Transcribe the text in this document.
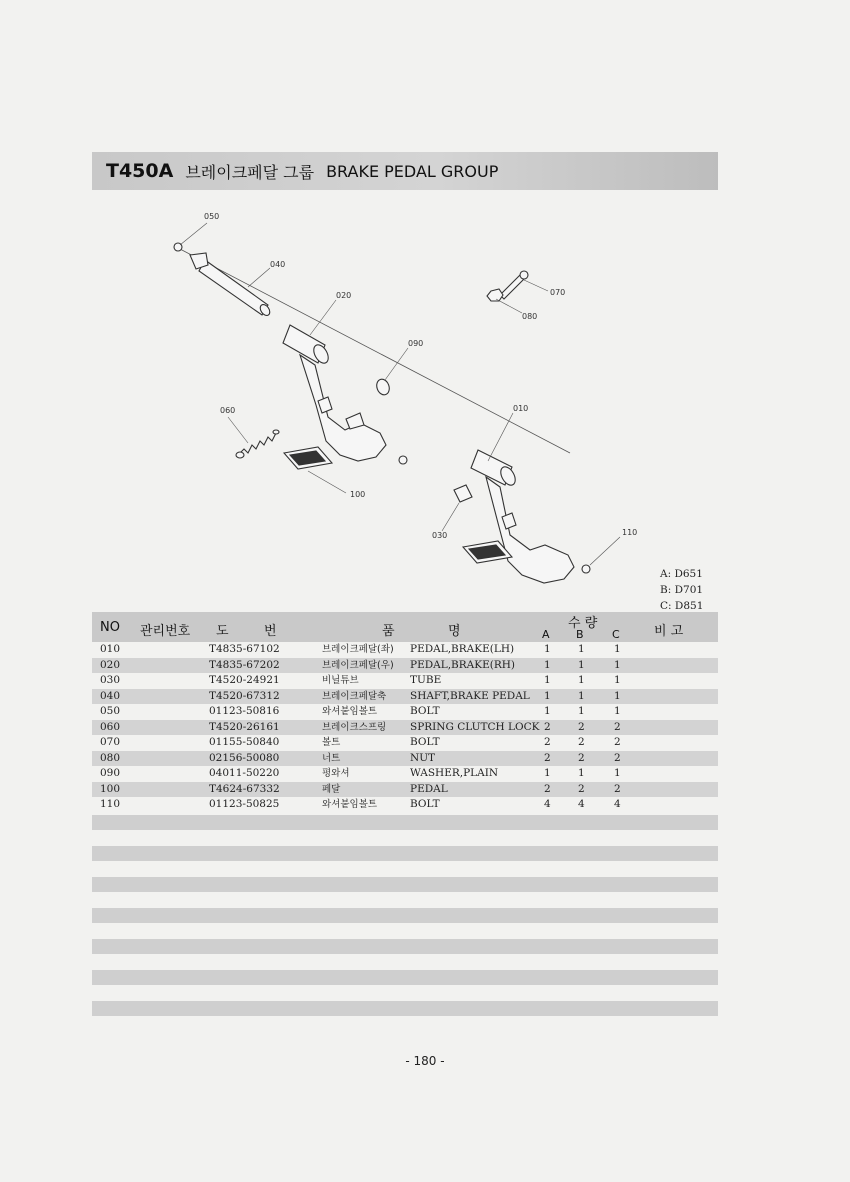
T450A 브레이크페달 그룹 BRAKE PEDAL GROUP
050
040
020	070
080
090
060	010
100
030	110
A: D651
B: D701
C: D851
NO 관리번호 도	번	품	명
수 량
A B	C	비 고
010	T4835-67102	브레이크페달(좌) PEDAL,BRAKE(LH)	1	1	1
020	T4835-67202	브레이크페달(우) PEDAL,BRAKE(RH)	1	1	1
030	T4520-24921	비닐튜브	TUBE	1	1	1
040	T4520-67312	브레이크페달축 SHAFT,BRAKE PEDAL 1	1	1
050	01123-50816	와셔붙임볼트	BOLT	1	1	1
060	T4520-26161	브레이크스프링 SPRING CLUTCH LOCK 2	2	2
070	01155-50840	볼트	BOLT	2	2	2
080	02156-50080	너트	NUT	2	2	2
090	04011-50220	평와셔	WASHER,PLAIN	1	1	1
100	T4624-67332	페달	PEDAL	2	2	2
110	01123-50825	와셔붙임볼트	BOLT	4	4	4
- 180 -
